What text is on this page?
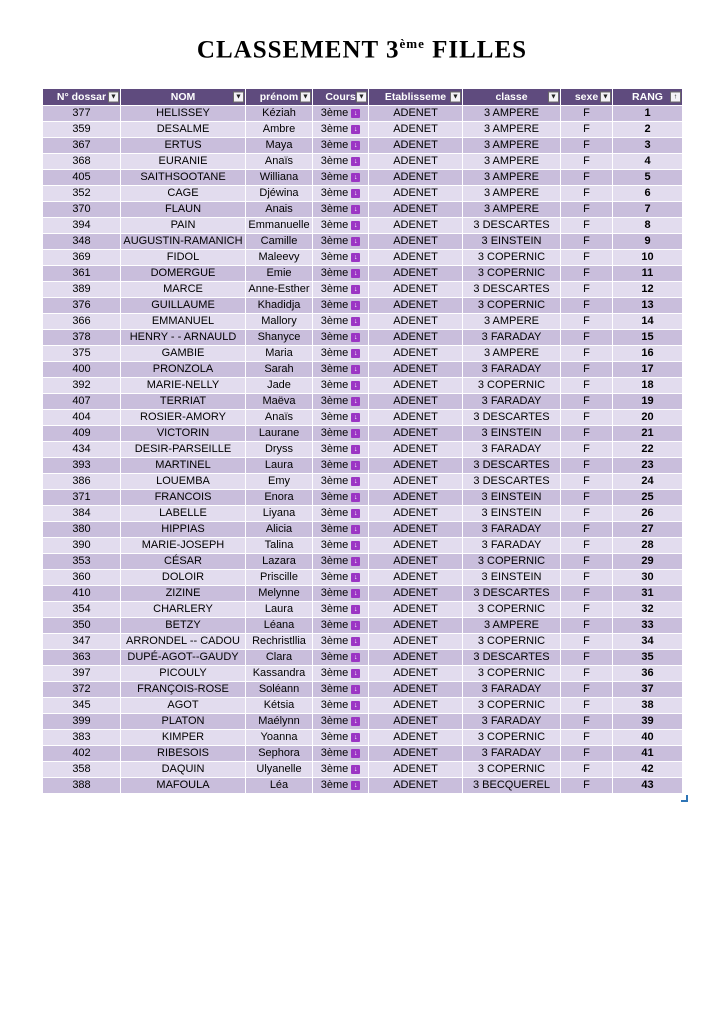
CLASSEMENT 3ème FILLES
N° dossar ▼	NOM ▼	prénom ▼	Cours ▼	Etablisseme ▼	classe ▼	sexe ▼	RANG ↑

377	HELISSEY	Kéziah	3ème ↓	ADENET	3 AMPERE	F	1
359	DESALME	Ambre	3ème ↓	ADENET	3 AMPERE	F	2
367	ERTUS	Maya	3ème ↓	ADENET	3 AMPERE	F	3
368	EURANIE	Anaïs	3ème ↓	ADENET	3 AMPERE	F	4
405	SAITHSOOTANE	Williana	3ème ↓	ADENET	3 AMPERE	F	5
352	CAGE	Djéwina	3ème ↓	ADENET	3 AMPERE	F	6
370	FLAUN	Anais	3ème ↓	ADENET	3 AMPERE	F	7
394	PAIN	Emmanuelle	3ème ↓	ADENET	3 DESCARTES	F	8
348	AUGUSTIN-RAMANICH	Camille	3ème ↓	ADENET	3 EINSTEIN	F	9
369	FIDOL	Maleevy	3ème ↓	ADENET	3 COPERNIC	F	10
361	DOMERGUE	Emie	3ème ↓	ADENET	3 COPERNIC	F	11
389	MARCE	Anne-Esther	3ème ↓	ADENET	3 DESCARTES	F	12
376	GUILLAUME	Khadidja	3ème ↓	ADENET	3 COPERNIC	F	13
366	EMMANUEL	Mallory	3ème ↓	ADENET	3 AMPERE	F	14
378	HENRY - - ARNAULD	Shanyce	3ème ↓	ADENET	3 FARADAY	F	15
375	GAMBIE	Maria	3ème ↓	ADENET	3 AMPERE	F	16
400	PRONZOLA	Sarah	3ème ↓	ADENET	3 FARADAY	F	17
392	MARIE-NELLY	Jade	3ème ↓	ADENET	3 COPERNIC	F	18
407	TERRIAT	Maëva	3ème ↓	ADENET	3 FARADAY	F	19
404	ROSIER-AMORY	Anaïs	3ème ↓	ADENET	3 DESCARTES	F	20
409	VICTORIN	Laurane	3ème ↓	ADENET	3 EINSTEIN	F	21
434	DESIR-PARSEILLE	Dryss	3ème ↓	ADENET	3 FARADAY	F	22
393	MARTINEL	Laura	3ème ↓	ADENET	3 DESCARTES	F	23
386	LOUEMBA	Emy	3ème ↓	ADENET	3 DESCARTES	F	24
371	FRANCOIS	Enora	3ème ↓	ADENET	3 EINSTEIN	F	25
384	LABELLE	Liyana	3ème ↓	ADENET	3 EINSTEIN	F	26
380	HIPPIAS	Alicia	3ème ↓	ADENET	3 FARADAY	F	27
390	MARIE-JOSEPH	Talina	3ème ↓	ADENET	3 FARADAY	F	28
353	CÉSAR	Lazara	3ème ↓	ADENET	3 COPERNIC	F	29
360	DOLOIR	Priscille	3ème ↓	ADENET	3 EINSTEIN	F	30
410	ZIZINE	Melynne	3ème ↓	ADENET	3 DESCARTES	F	31
354	CHARLERY	Laura	3ème ↓	ADENET	3 COPERNIC	F	32
350	BETZY	Léana	3ème ↓	ADENET	3 AMPERE	F	33
347	ARRONDEL -- CADOU	Rechristllia	3ème ↓	ADENET	3 COPERNIC	F	34
363	DUPÉ-AGOT--GAUDY	Clara	3ème ↓	ADENET	3 DESCARTES	F	35
397	PICOULY	Kassandra	3ème ↓	ADENET	3 COPERNIC	F	36
372	FRANÇOIS-ROSE	Soléann	3ème ↓	ADENET	3 FARADAY	F	37
345	AGOT	Kétsia	3ème ↓	ADENET	3 COPERNIC	F	38
399	PLATON	Maélynn	3ème ↓	ADENET	3 FARADAY	F	39
383	KIMPER	Yoanna	3ème ↓	ADENET	3 COPERNIC	F	40
402	RIBESOIS	Sephora	3ème ↓	ADENET	3 FARADAY	F	41
358	DAQUIN	Ulyanelle	3ème ↓	ADENET	3 COPERNIC	F	42
388	MAFOULA	Léa	3ème ↓	ADENET	3 BECQUEREL	F	43
